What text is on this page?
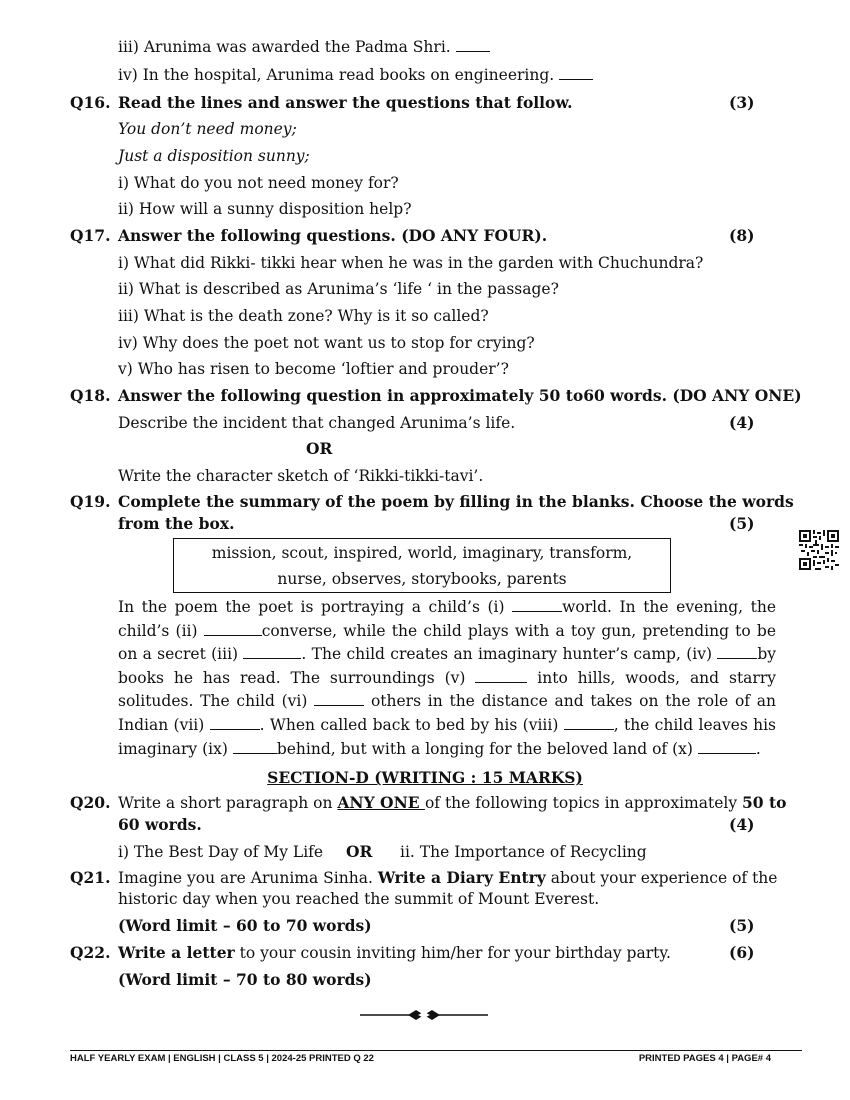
iii) Arunima was awarded the Padma Shri.
iv) In the hospital, Arunima read books on engineering.
Q16. Read the lines and answer the questions that follow.	(3)
You don’t need money;
Just a disposition sunny;
i) What do you not need money for?
ii) How will a sunny disposition help?
Q17. Answer the following questions. (DO ANY FOUR).	(8)
i) What did Rikki- tikki hear when he was in the garden with Chuchundra?
ii) What is described as Arunima’s ‘life ‘ in the passage?
iii) What is the death zone? Why is it so called?
iv) Why does the poet not want us to stop for crying?
v) Who has risen to become ‘loftier and prouder’?
Q18. Answer the following question in approximately 50 to60 words. (DO ANY ONE)
Describe the incident that changed Arunima’s life.	(4)
OR
Write the character sketch of ‘Rikki-tikki-tavi’.
Q19. Complete the summary of the poem by filling in the blanks. Choose the words
from the box.	(5)
mission, scout, inspired, world, imaginary, transform,
nurse, observes, storybooks, parents
In the poem the poet is portraying a child’s (i)	world. In the evening, the child’s (ii)	converse, while the child plays with a toy gun, pretending to be on a secret (iii)	. The child creates an imaginary hunter’s camp, (iv)	by books he has read. The surroundings (v)	into hills, woods, and starry solitudes. The child (vi)	others in the distance and takes on the role of an Indian (vii)	. When called back to bed by his (viii)	, the child leaves his imaginary (ix)	behind, but with a longing for the beloved land of (x)	.
SECTION-D (WRITING : 15 MARKS)
Q20. Write a short paragraph on ANY ONE of the following topics in approximately 50 to
60 words.	(4)
i) The Best Day of My Life OR ii. The Importance of Recycling
Q21. Imagine you are Arunima Sinha. Write a Diary Entry about your experience of the
historic day when you reached the summit of Mount Everest.
(Word limit – 60 to 70 words)	(5)
Q22. Write a letter to your cousin inviting him/her for your birthday party.	(6)
(Word limit – 70 to 80 words)
HALF YEARLY EXAM | ENGLISH | CLASS 5 | 2024-25 PRINTED Q 22	PRINTED PAGES 4 | PAGE# 4
